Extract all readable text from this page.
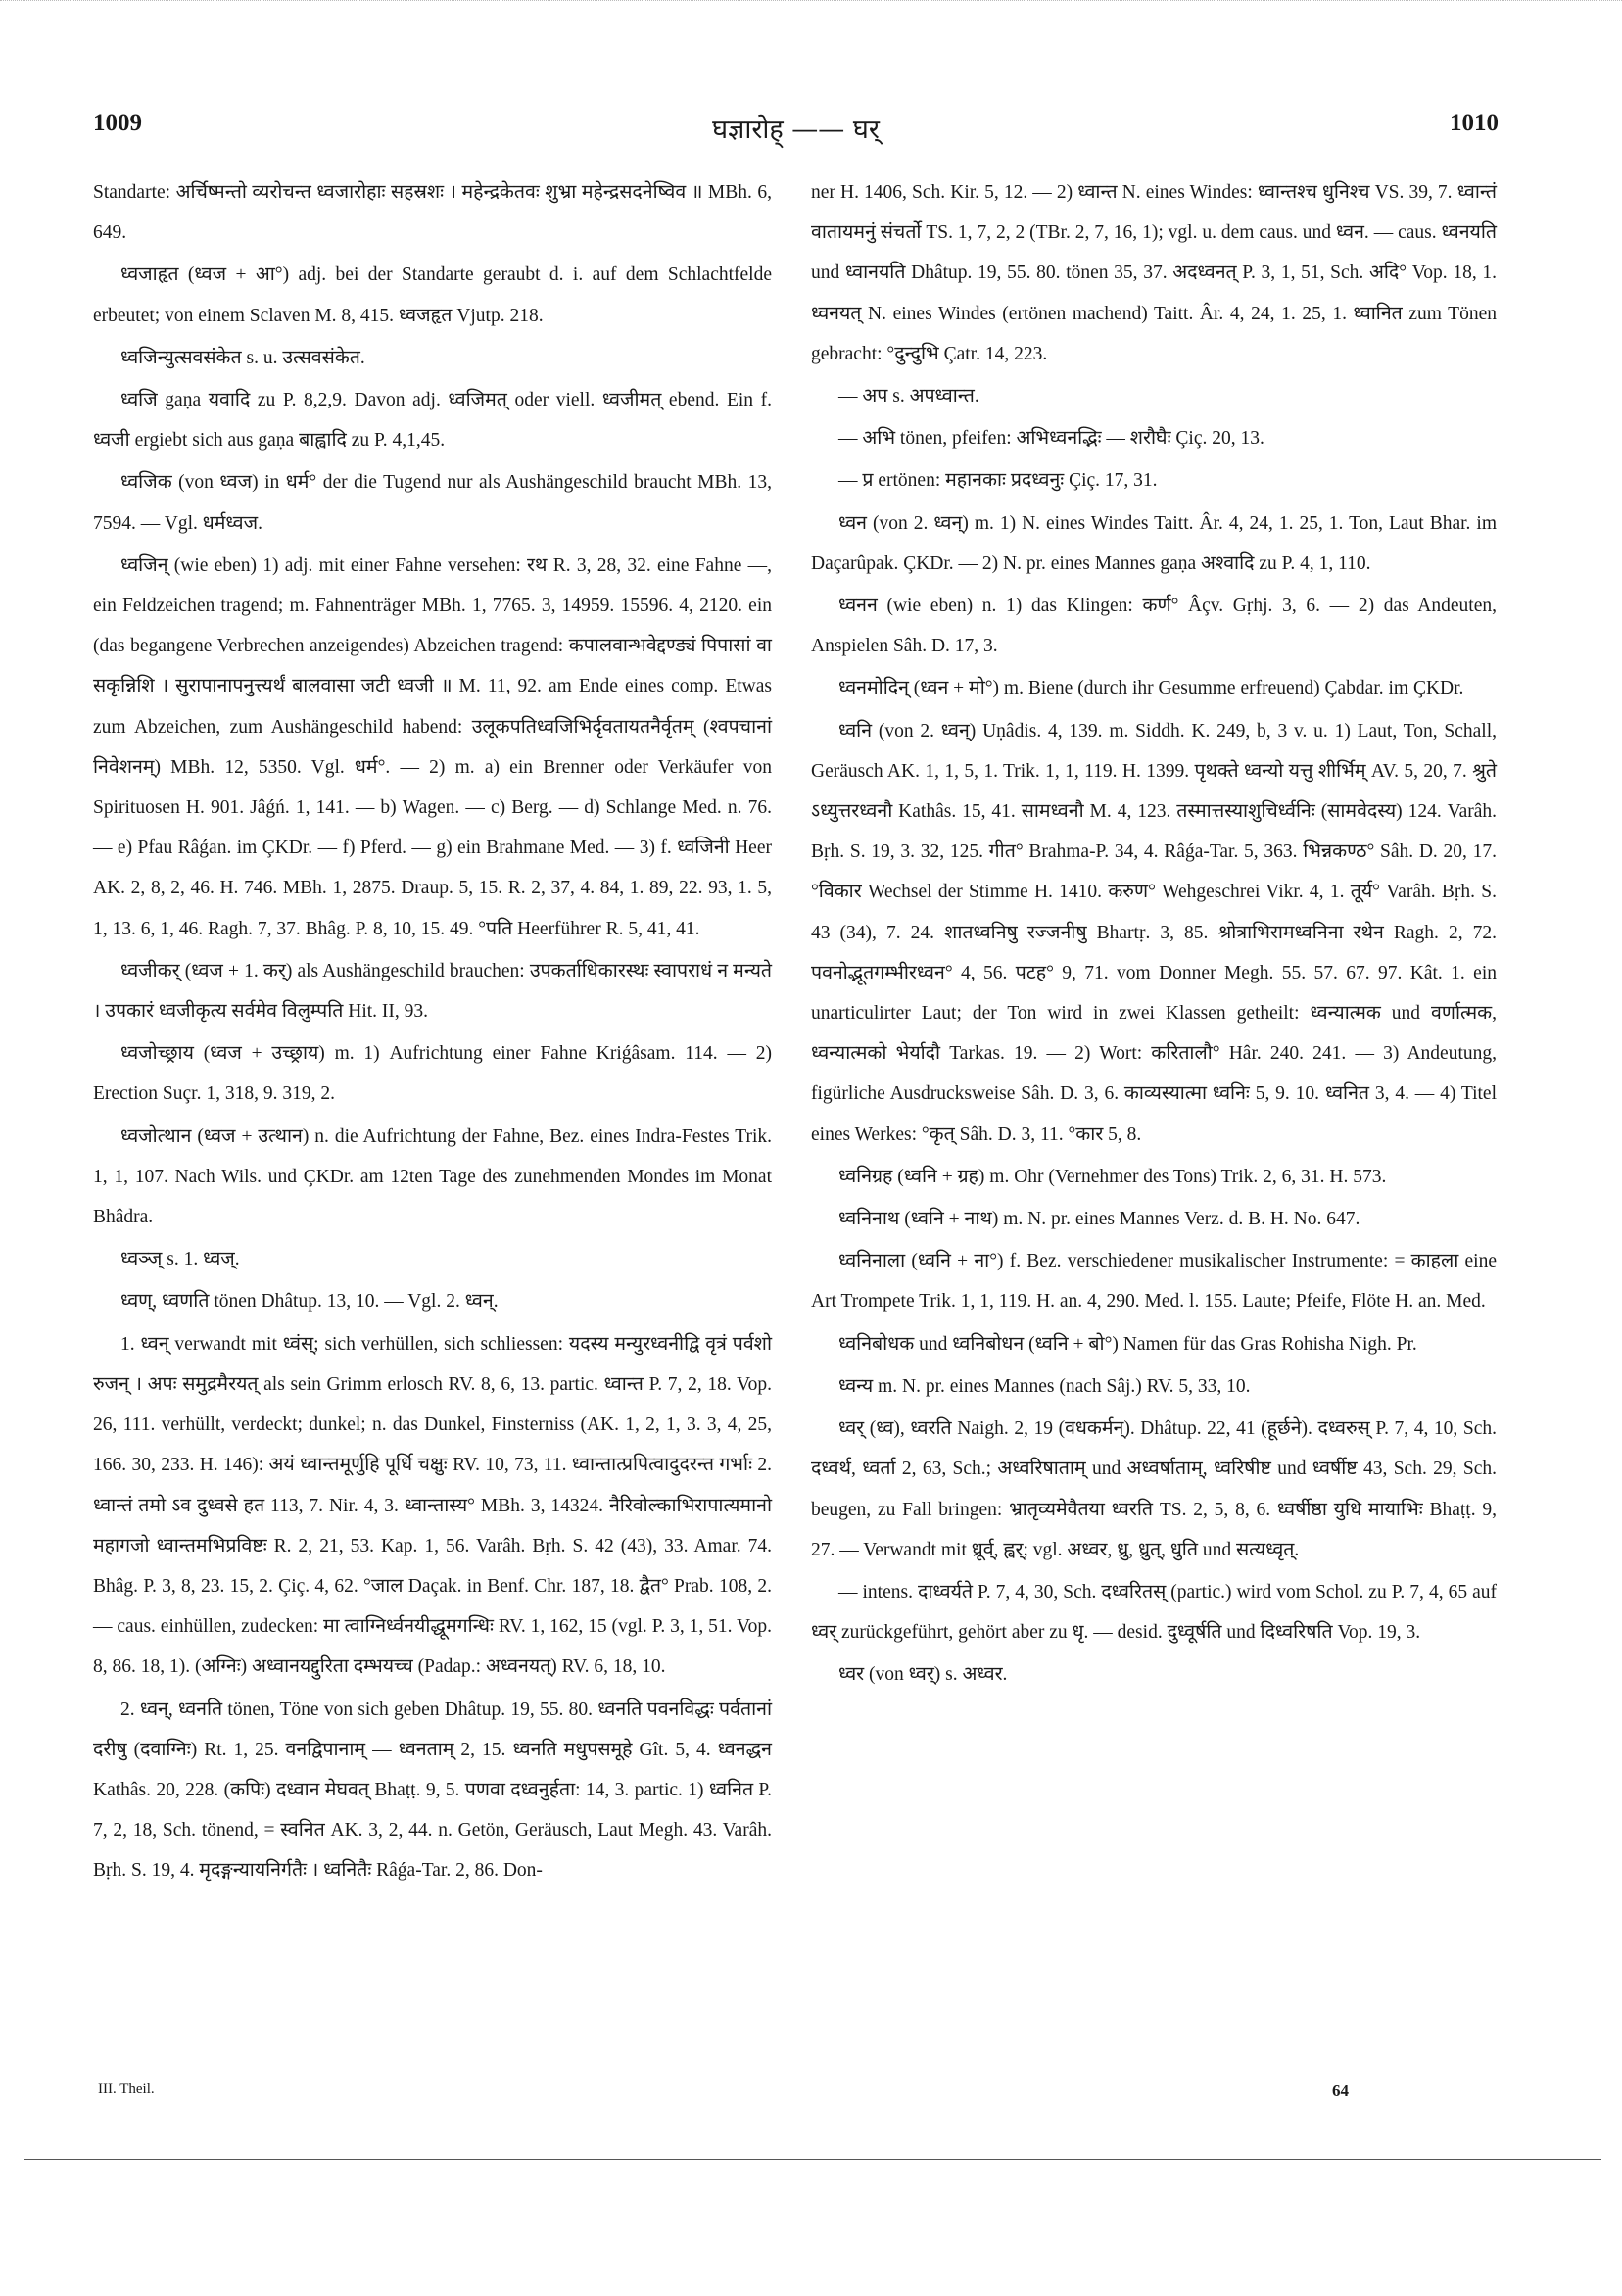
1009	घज्ञारोह् —— घर्	1010

Standarte: अर्चिष्मन्तो व्यरोचन्त ध्वजारोहाः सहस्रशः । महेन्द्रकेतवः शुभ्रा महेन्द्रसदनेष्विव ॥ MBh. 6, 649.

ध्वजाहृत (ध्वज + आ°) adj. bei der Standarte geraubt d. i. auf dem Schlachtfelde erbeutet; von einem Sclaven M. 8, 415. ध्वजहृत Vjutp. 218.

ध्वजिन्युत्सवसंकेत s. u. उत्सवसंकेत.

ध्वजि gaṇa यवादि zu P. 8,2,9. Davon adj. ध्वजिमत् oder viell. ध्वजीमत् ebend. Ein f. ध्वजी ergiebt sich aus gaṇa बाह्वादि zu P. 4,1,45.

ध्वजिक (von ध्वज) in धर्म° der die Tugend nur als Aushängeschild braucht MBh. 13, 7594. — Vgl. धर्मध्वज.

ध्वजिन् (wie eben) 1) adj. mit einer Fahne versehen: रथ R. 3, 28, 32. eine Fahne —, ein Feldzeichen tragend; m. Fahnenträger MBh. 1, 7765. 3, 14959. 15596. 4, 2120. ein (das begangene Verbrechen anzeigendes) Abzeichen tragend: कपालवान्भवेद्दण्ड्यं पिपासां वा सकृन्निशि । सुरापानापनुत्त्यर्थं बालवासा जटी ध्वजी ॥ M. 11, 92. am Ende eines comp. Etwas zum Abzeichen, zum Aushängeschild habend: उलूकपतिध्वजिभिर्दृवतायतनैर्वृतम् (श्वपचानां निवेशनम्) MBh. 12, 5350. Vgl. धर्म°. — 2) m. a) ein Brenner oder Verkäufer von Spirituosen H. 901. Jâǵń. 1, 141. — b) Wagen. — c) Berg. — d) Schlange Med. n. 76. — e) Pfau Râǵan. im ÇKDr. — f) Pferd. — g) ein Brahmane Med. — 3) f. ध्वजिनी Heer AK. 2, 8, 2, 46. H. 746. MBh. 1, 2875. Draup. 5, 15. R. 2, 37, 4. 84, 1. 89, 22. 93, 1. 5, 1, 13. 6, 1, 46. Ragh. 7, 37. Bhâg. P. 8, 10, 15. 49. °पति Heerführer R. 5, 41, 41.

ध्वजीकर् (ध्वज + 1. कर्) als Aushängeschild brauchen: उपकर्ताधिकारस्थः स्वापराधं न मन्यते । उपकारं ध्वजीकृत्य सर्वमेव विलुम्पति Hit. II, 93.

ध्वजोच्छ्राय (ध्वज + उच्छ्राय) m. 1) Aufrichtung einer Fahne Kriǵâsam. 114. — 2) Erection Suçr. 1, 318, 9. 319, 2.

ध्वजोत्थान (ध्वज + उत्थान) n. die Aufrichtung der Fahne, Bez. eines Indra-Festes Trik. 1, 1, 107. Nach Wils. und ÇKDr. am 12ten Tage des zunehmenden Mondes im Monat Bhâdra.

ध्वञ्ज् s. 1. ध्वज्.

ध्वण्, ध्वणति tönen Dhâtup. 13, 10. — Vgl. 2. ध्वन्.

1. ध्वन् verwandt mit ध्वंस्; sich verhüllen, sich schliessen: यदस्य मन्युरध्वनीद्वि वृत्रं पर्वशो रुजन् । अपः समुद्रमैरयत् als sein Grimm erlosch RV. 8, 6, 13. partic. ध्वान्त P. 7, 2, 18. Vop. 26, 111. verhüllt, verdeckt; dunkel; n. das Dunkel, Finsterniss (AK. 1, 2, 1, 3. 3, 4, 25, 166. 30, 233. H. 146): अयं ध्वान्तमूर्णुहि पूर्धि चक्षुः RV. 10, 73, 11. ध्वान्तात्प्रपित्वादुदरन्त गर्भाः 2. ध्वान्तं तमो ऽव दुध्वसे हत 113, 7. Nir. 4, 3. ध्वान्तास्य° MBh. 3, 14324. नैरिवोल्काभिरापात्यमानो महागजो ध्वान्तमभिप्रविष्टः R. 2, 21, 53. Kap. 1, 56. Varâh. Bṛh. S. 42 (43), 33. Amar. 74. Bhâg. P. 3, 8, 23. 15, 2. Çiç. 4, 62. °जाल Daçak. in Benf. Chr. 187, 18. द्वैत° Prab. 108, 2. — caus. einhüllen, zudecken: मा त्वाग्निर्ध्वनयीद्धूमगन्धिः RV. 1, 162, 15 (vgl. P. 3, 1, 51. Vop. 8, 86. 18, 1). (अग्निः) अध्वानयद्दुरिता दम्भयच्च (Padap.: अध्वनयत्) RV. 6, 18, 10.

2. ध्वन्, ध्वनति tönen, Töne von sich geben Dhâtup. 19, 55. 80. ध्वनति पवनविद्धः पर्वतानां दरीषु (दवाग्निः) Rt. 1, 25. वनद्विपानाम् — ध्वनताम् 2, 15. ध्वनति मधुपसमूहे Gît. 5, 4. ध्वनद्धन Kathâs. 20, 228. (कपिः) दध्वान मेघवत् Bhaṭṭ. 9, 5. पणवा दध्वनुर्हता: 14, 3. partic. 1) ध्वनित P. 7, 2, 18, Sch. tönend, = स्वनित AK. 3, 2, 44. n. Getön, Geräusch, Laut Megh. 43. Varâh. Bṛh. S. 19, 4. मृदङ्गन्यायनिर्गतैः । ध्वनितैः Râǵa-Tar. 2, 86. Don-

ner H. 1406, Sch. Kir. 5, 12. — 2) ध्वान्त N. eines Windes: ध्वान्तश्च धुनिश्च VS. 39, 7. ध्वान्तं वातायमनुं संचर्तो TS. 1, 7, 2, 2 (TBr. 2, 7, 16, 1); vgl. u. dem caus. und ध्वन. — caus. ध्वनयति und ध्वानयति Dhâtup. 19, 55. 80. tönen 35, 37. अदध्वनत् P. 3, 1, 51, Sch. अदि° Vop. 18, 1. ध्वनयत् N. eines Windes (ertönen machend) Taitt. Âr. 4, 24, 1. 25, 1. ध्वानित zum Tönen gebracht: °दुन्दुभि Çatr. 14, 223.

— अप s. अपध्वान्त.

— अभि tönen, pfeifen: अभिध्वनद्भिः — शरौघैः Çiç. 20, 13.

— प्र ertönen: महानकाः प्रदध्वनुः Çiç. 17, 31.

ध्वन (von 2. ध्वन्) m. 1) N. eines Windes Taitt. Âr. 4, 24, 1. 25, 1. Ton, Laut Bhar. im Daçarûpak. ÇKDr. — 2) N. pr. eines Mannes gaṇa अश्वादि zu P. 4, 1, 110.

ध्वनन (wie eben) n. 1) das Klingen: कर्ण° Âçv. Gṛhj. 3, 6. — 2) das Andeuten, Anspielen Sâh. D. 17, 3.

ध्वनमोदिन् (ध्वन + मो°) m. Biene (durch ihr Gesumme erfreuend) Çabdar. im ÇKDr.

ध्वनि (von 2. ध्वन्) Uṇâdis. 4, 139. m. Siddh. K. 249, b, 3 v. u. 1) Laut, Ton, Schall, Geräusch AK. 1, 1, 5, 1. Trik. 1, 1, 119. H. 1399. पृथक्ते ध्वन्यो यत्तु शीर्भिम् AV. 5, 20, 7. श्रुते ऽध्युत्तरध्वनौ Kathâs. 15, 41. सामध्वनौ M. 4, 123. तस्मात्तस्याशुचिर्ध्वनिः (सामवेदस्य) 124. Varâh. Bṛh. S. 19, 3. 32, 125. गीत° Brahma-P. 34, 4. Râǵa-Tar. 5, 363. भिन्नकण्ठ° Sâh. D. 20, 17. °विकार Wechsel der Stimme H. 1410. करुण° Wehgeschrei Vikr. 4, 1. तूर्य° Varâh. Bṛh. S. 43 (34), 7. 24. शातध्वनिषु रज्जनीषु Bhartṛ. 3, 85. श्रोत्राभिरामध्वनिना रथेन Ragh. 2, 72. पवनोद्भूतगम्भीरध्वन° 4, 56. पटह° 9, 71. vom Donner Megh. 55. 57. 67. 97. Kât. 1. ein unarticulirter Laut; der Ton wird in zwei Klassen getheilt: ध्वन्यात्मक und वर्णात्मक, ध्वन्यात्मको भेर्यादौ Tarkas. 19. — 2) Wort: करितालौ° Hâr. 240. 241. — 3) Andeutung, figürliche Ausdrucksweise Sâh. D. 3, 6. काव्यस्यात्मा ध्वनिः 5, 9. 10. ध्वनित 3, 4. — 4) Titel eines Werkes: °कृत् Sâh. D. 3, 11. °कार 5, 8.

ध्वनिग्रह (ध्वनि + ग्रह) m. Ohr (Vernehmer des Tons) Trik. 2, 6, 31. H. 573.

ध्वनिनाथ (ध्वनि + नाथ) m. N. pr. eines Mannes Verz. d. B. H. No. 647.

ध्वनिनाला (ध्वनि + ना°) f. Bez. verschiedener musikalischer Instrumente: = काहला eine Art Trompete Trik. 1, 1, 119. H. an. 4, 290. Med. l. 155. Laute; Pfeife, Flöte H. an. Med.

ध्वनिबोधक und ध्वनिबोधन (ध्वनि + बो°) Namen für das Gras Rohisha Nigh. Pr.

ध्वन्य m. N. pr. eines Mannes (nach Sâj.) RV. 5, 33, 10.

ध्वर् (ध्व), ध्वरति Naigh. 2, 19 (वधकर्मन्). Dhâtup. 22, 41 (हूर्छने). दध्वरुस् P. 7, 4, 10, Sch. दध्वर्थ, ध्वर्ता 2, 63, Sch.; अध्वरिषाताम् und अध्वर्षाताम्, ध्वरिषीष्ट und ध्वर्षीष्ट 43, Sch. 29, Sch. beugen, zu Fall bringen: भ्रातृव्यमेवैतया ध्वरति TS. 2, 5, 8, 6. ध्वर्षीष्ठा युधि मायाभिः Bhaṭṭ. 9, 27. — Verwandt mit ध्रूर्व्, ह्वर्; vgl. अध्वर, ध्रु, ध्रुत्, धुति und सत्यध्वृत्.

— intens. दाध्वर्यते P. 7, 4, 30, Sch. दध्वरितस् (partic.) wird vom Schol. zu P. 7, 4, 65 auf ध्वर् zurückgeführt, gehört aber zu धृ. — desid. दुध्वूर्षति und दिध्वरिषति Vop. 19, 3.

ध्वर (von ध्वर्) s. अध्वर.

III. Theil.	64
